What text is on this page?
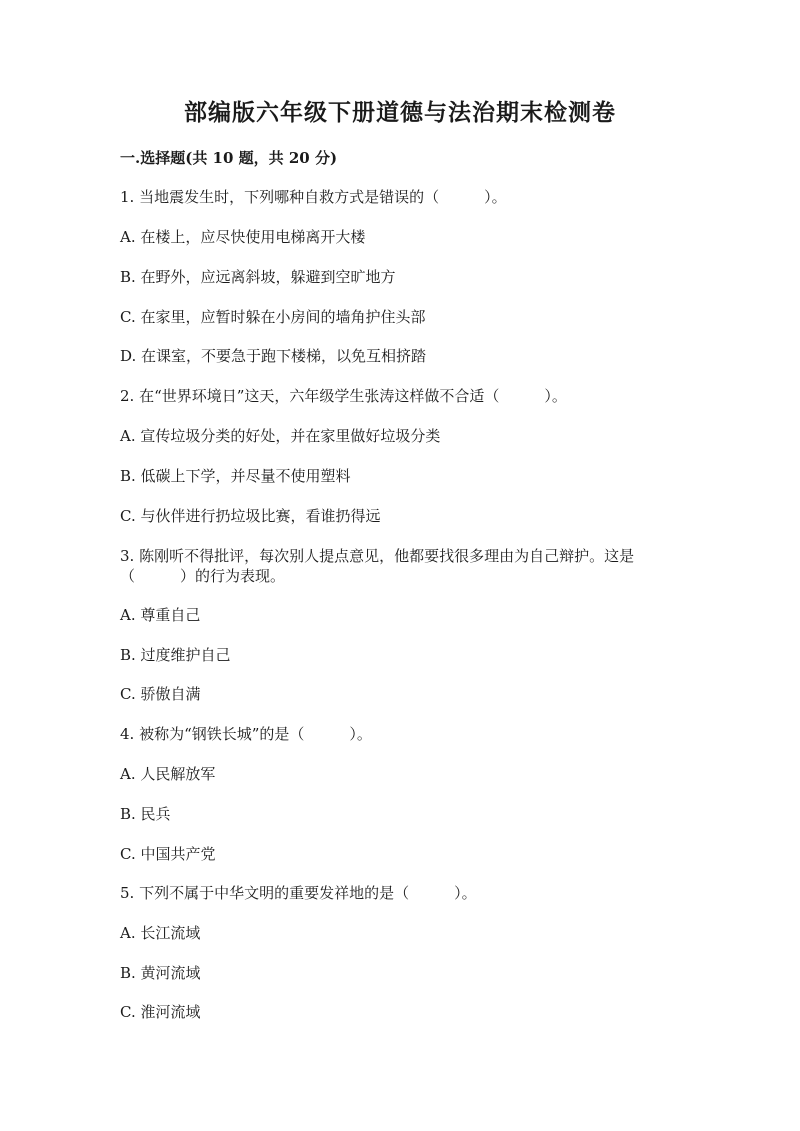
部编版六年级下册道德与法治期末检测卷
一.选择题(共 10 题，共 20 分)
1. 当地震发生时，下列哪种自救方式是错误的（　　　）。
A. 在楼上，应尽快使用电梯离开大楼
B. 在野外，应远离斜坡，躲避到空旷地方
C. 在家里，应暂时躲在小房间的墙角护住头部
D. 在课室，不要急于跑下楼梯，以免互相挤踏
2. 在“世界环境日”这天，六年级学生张涛这样做不合适（　　　）。
A. 宣传垃圾分类的好处，并在家里做好垃圾分类
B. 低碳上下学，并尽量不使用塑料
C. 与伙伴进行扔垃圾比赛，看谁扔得远
3. 陈刚听不得批评，每次别人提点意见，他都要找很多理由为自己辩护。这是
（　　　）的行为表现。
A. 尊重自己
B. 过度维护自己
C. 骄傲自满
4. 被称为“钢铁长城”的是（　　　）。
A. 人民解放军
B. 民兵
C. 中国共产党
5. 下列不属于中华文明的重要发祥地的是（　　　）。
A. 长江流域
B. 黄河流域
C. 淮河流域
